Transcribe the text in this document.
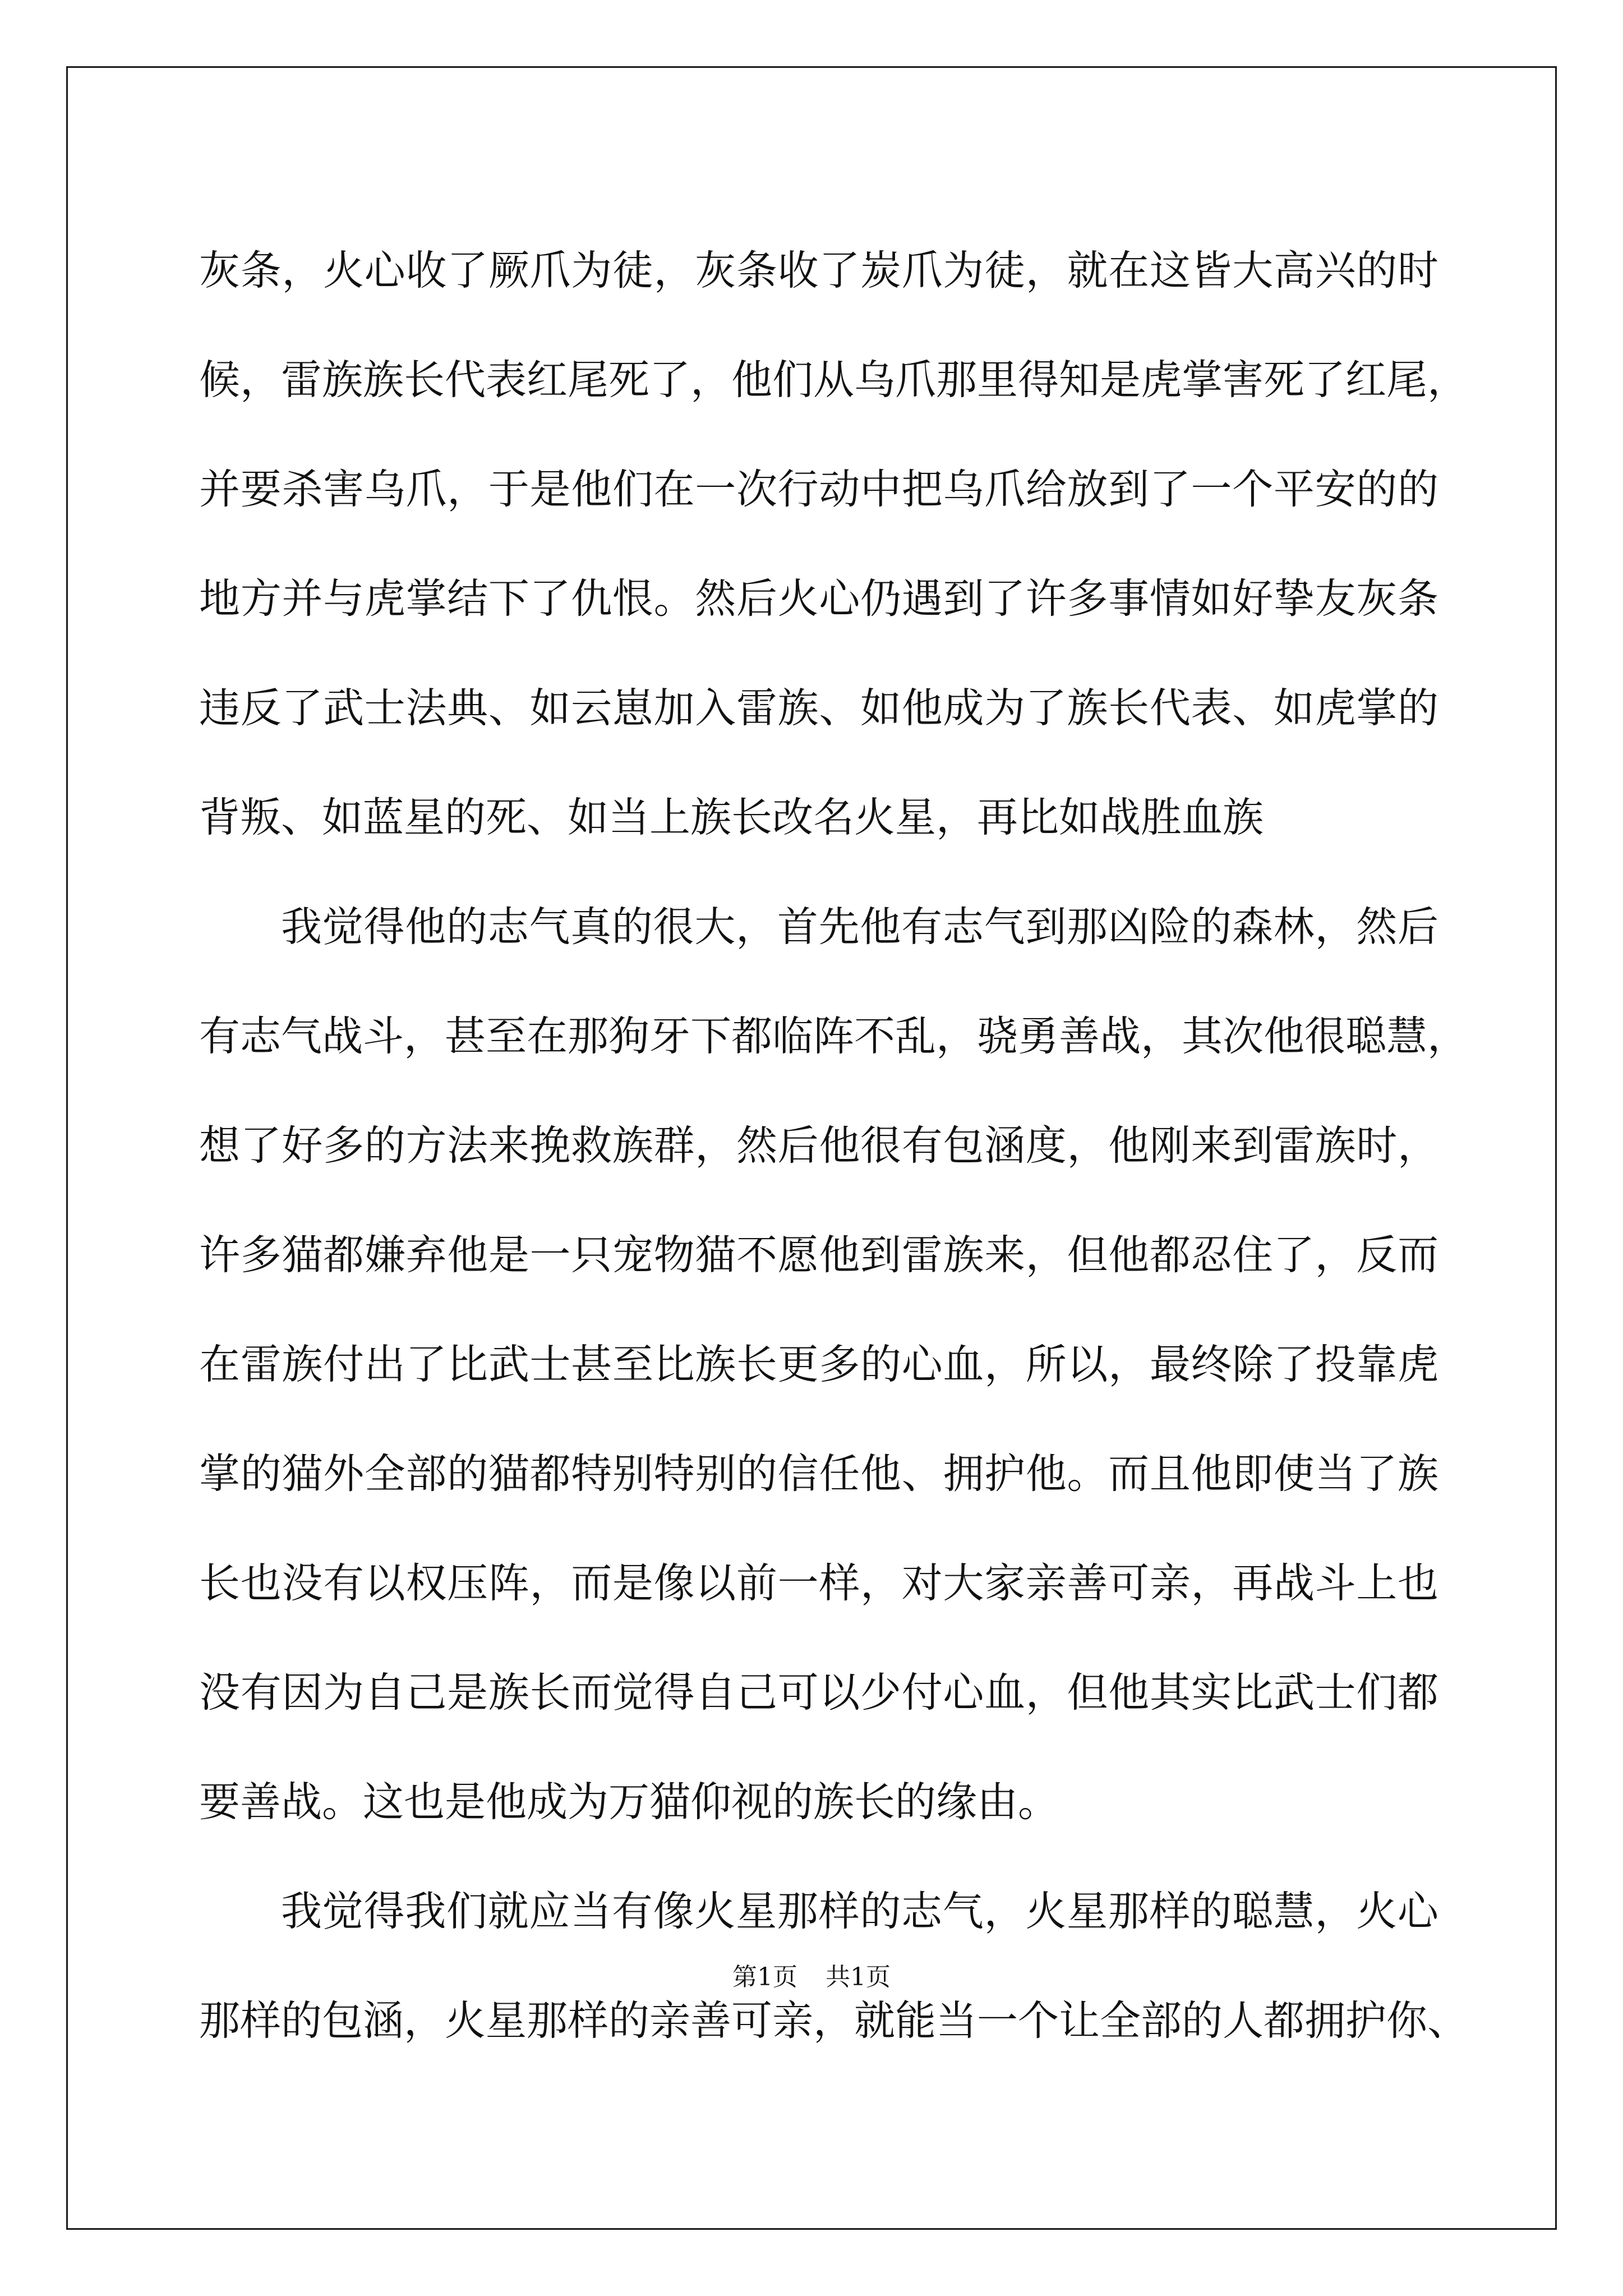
灰条，火心收了厥爪为徒，灰条收了炭爪为徒，就在这皆大高兴的时
候，雷族族长代表红尾死了，他们从乌爪那里得知是虎掌害死了红尾，
并要杀害乌爪，于是他们在一次行动中把乌爪给放到了一个平安的的
地方并与虎掌结下了仇恨。然后火心仍遇到了许多事情如好挚友灰条
违反了武士法典、如云崽加入雷族、如他成为了族长代表、如虎掌的
背叛、如蓝星的死、如当上族长改名火星，再比如战胜血族
我觉得他的志气真的很大，首先他有志气到那凶险的森林，然后
有志气战斗，甚至在那狗牙下都临阵不乱，骁勇善战，其次他很聪慧，
想了好多的方法来挽救族群，然后他很有包涵度，他刚来到雷族时，
许多猫都嫌弃他是一只宠物猫不愿他到雷族来，但他都忍住了，反而
在雷族付出了比武士甚至比族长更多的心血，所以，最终除了投靠虎
掌的猫外全部的猫都特别特别的信任他、拥护他。而且他即使当了族
长也没有以权压阵，而是像以前一样，对大家亲善可亲，再战斗上也
没有因为自己是族长而觉得自己可以少付心血，但他其实比武士们都
要善战。这也是他成为万猫仰视的族长的缘由。
我觉得我们就应当有像火星那样的志气，火星那样的聪慧，火心
那样的包涵，火星那样的亲善可亲，就能当一个让全部的人都拥护你、
第1页 共1页
